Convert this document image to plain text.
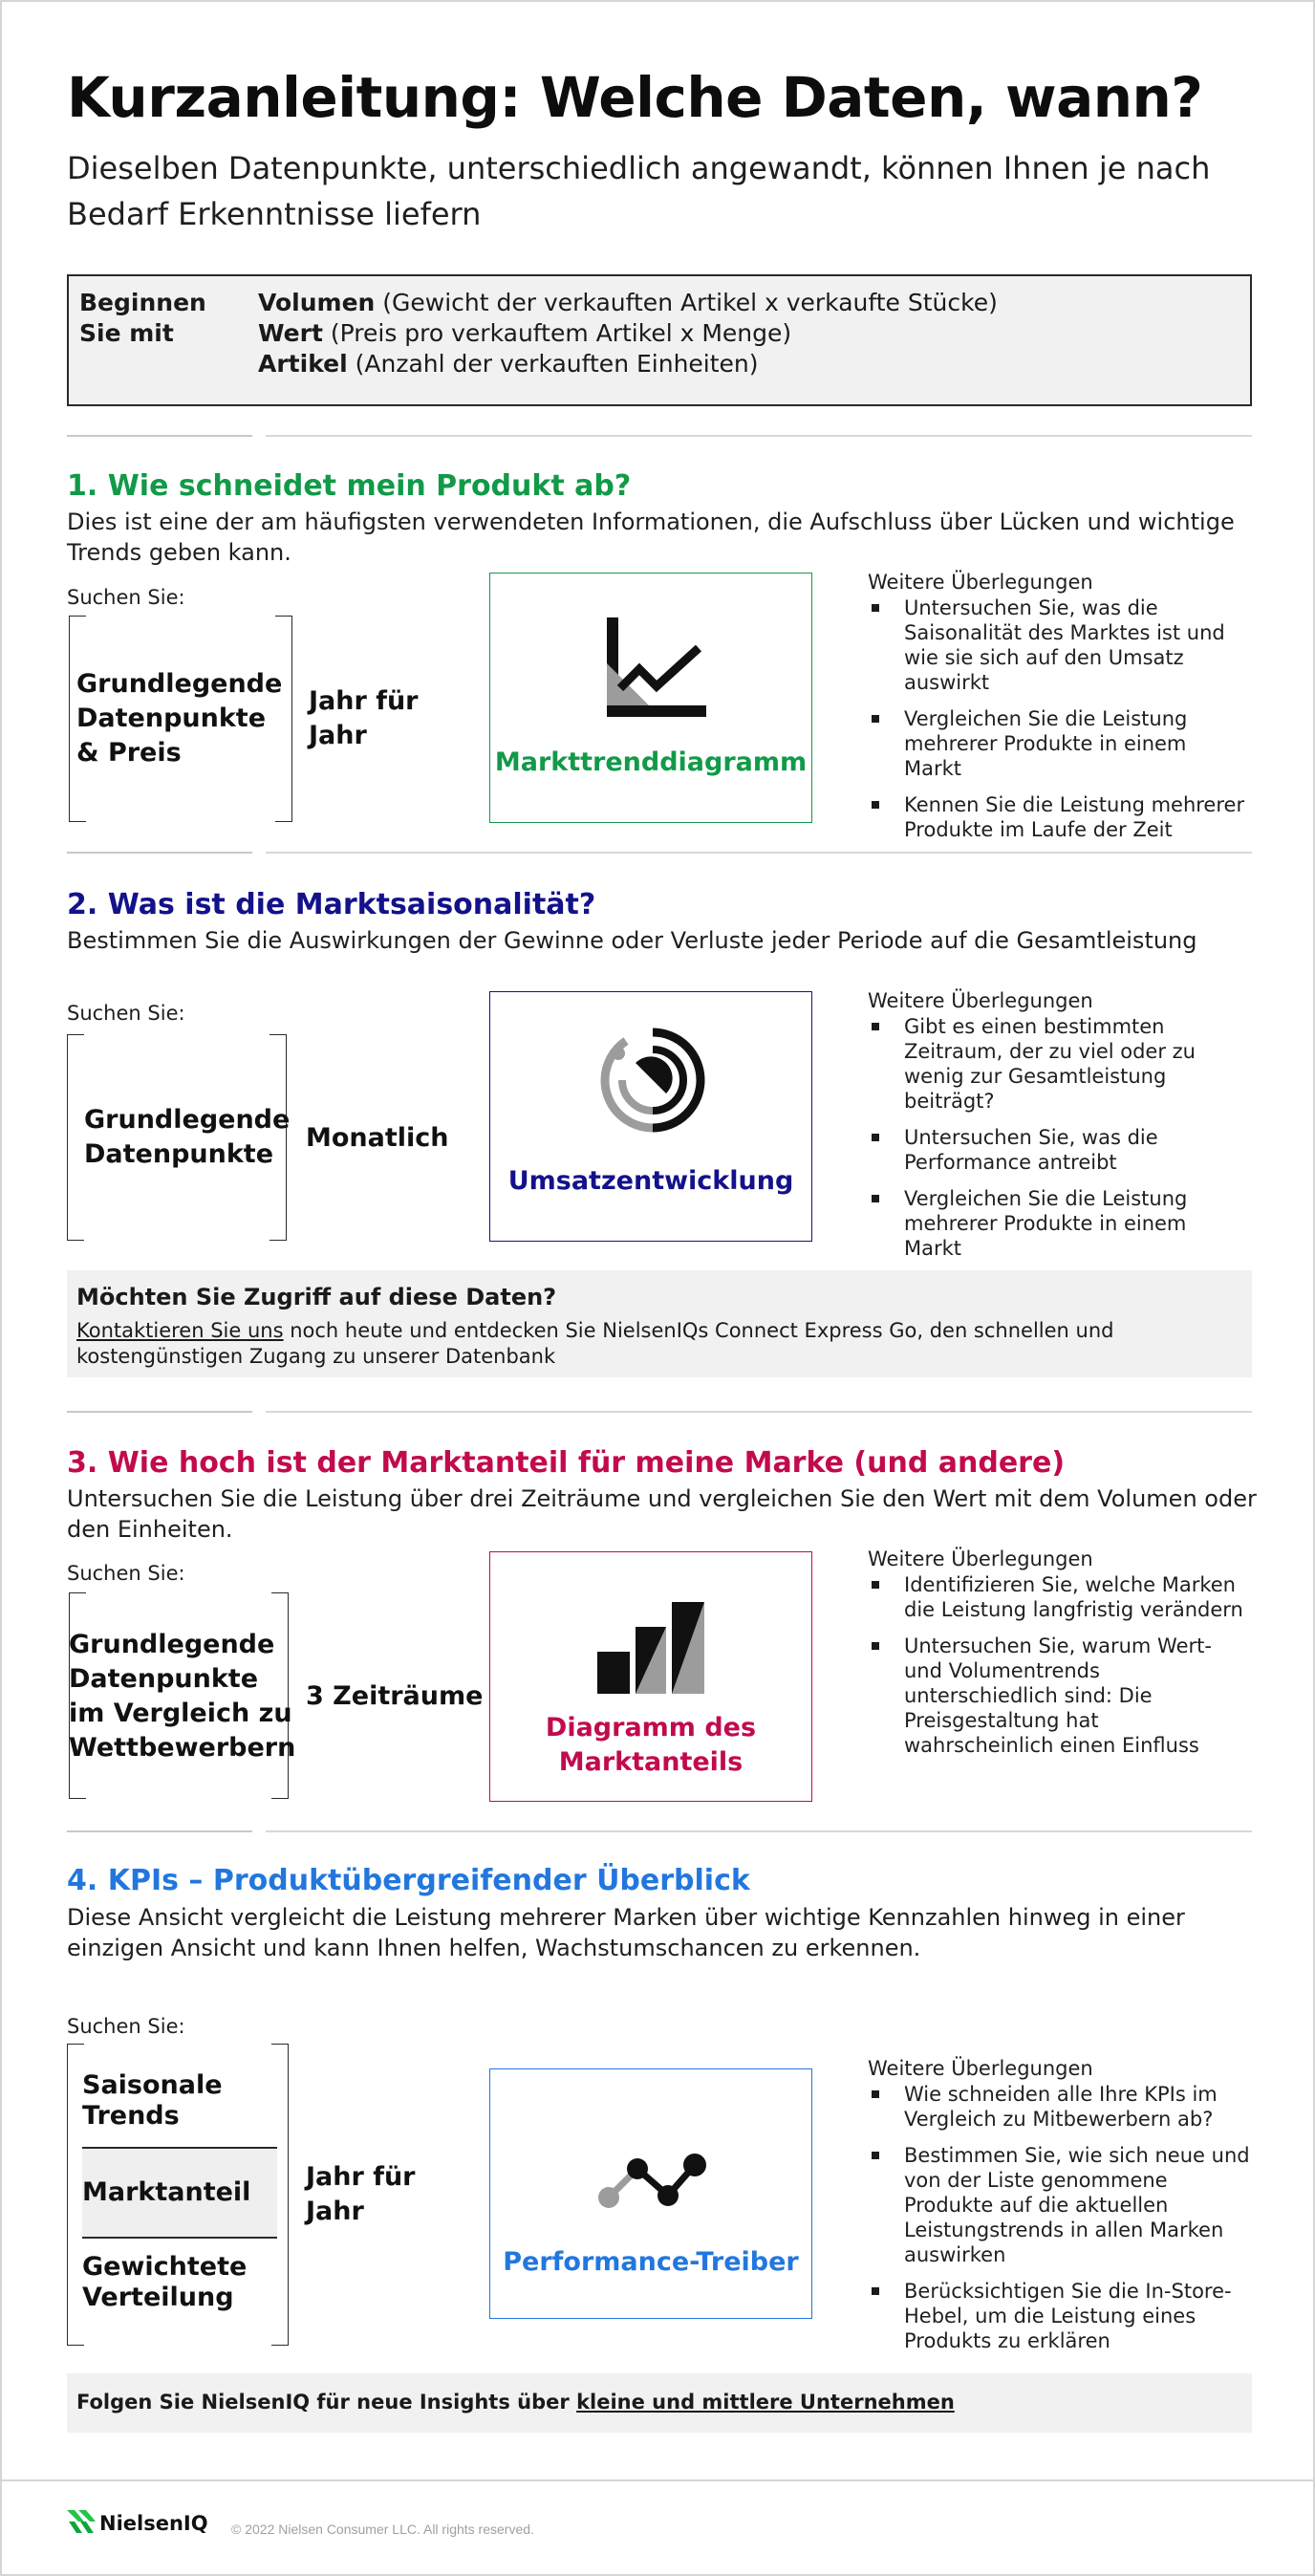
Kurzanleitung: Welche Daten, wann?
Dieselben Datenpunkte, unterschiedlich angewandt, können Ihnen je nach Bedarf Erkenntnisse liefern
Beginnen Sie mit
Volumen (Gewicht der verkauften Artikel x verkaufte Stücke)
Wert (Preis pro verkauftem Artikel x Menge)
Artikel (Anzahl der verkauften Einheiten)
1. Wie schneidet mein Produkt ab?
Dies ist eine der am häufigsten verwendeten Informationen, die Aufschluss über Lücken und wichtige Trends geben kann.
Suchen Sie:
Grundlegende Datenpunkte & Preis
Jahr für Jahr
Markttrenddiagramm
Weitere Überlegungen
Untersuchen Sie, was die Saisonalität des Marktes ist und wie sie sich auf den Umsatz auswirkt
Vergleichen Sie die Leistung mehrerer Produkte in einem Markt
Kennen Sie die Leistung mehrerer Produkte im Laufe der Zeit
2. Was ist die Marktsaisonalität?
Bestimmen Sie die Auswirkungen der Gewinne oder Verluste jeder Periode auf die Gesamtleistung
Suchen Sie:
Grundlegende Datenpunkte
Monatlich
Umsatzentwicklung
Weitere Überlegungen
Gibt es einen bestimmten Zeitraum, der zu viel oder zu wenig zur Gesamtleistung beiträgt?
Untersuchen Sie, was die Performance antreibt
Vergleichen Sie die Leistung mehrerer Produkte in einem Markt
Möchten Sie Zugriff auf diese Daten?
Kontaktieren Sie uns noch heute und entdecken Sie NielsenIQs Connect Express Go, den schnellen und kostengünstigen Zugang zu unserer Datenbank
3. Wie hoch ist der Marktanteil für meine Marke (und andere)
Untersuchen Sie die Leistung über drei Zeiträume und vergleichen Sie den Wert mit dem Volumen oder den Einheiten.
Suchen Sie:
Grundlegende Datenpunkte im Vergleich zu Wettbewerbern
3 Zeiträume
Diagramm des Marktanteils
Weitere Überlegungen
Identifizieren Sie, welche Marken die Leistung langfristig verändern
Untersuchen Sie, warum Wert- und Volumentrends unterschiedlich sind: Die Preisgestaltung hat wahrscheinlich einen Einfluss
4. KPIs – Produktübergreifender Überblick
Diese Ansicht vergleicht die Leistung mehrerer Marken über wichtige Kennzahlen hinweg in einer einzigen Ansicht und kann Ihnen helfen, Wachstumschancen zu erkennen.
Suchen Sie:
Saisonale Trends
Marktanteil
Gewichtete Verteilung
Jahr für Jahr
Performance-Treiber
Weitere Überlegungen
Wie schneiden alle Ihre KPIs im Vergleich zu Mitbewerbern ab?
Bestimmen Sie, wie sich neue und von der Liste genommene Produkte auf die aktuellen Leistungstrends in allen Marken auswirken
Berücksichtigen Sie die In-Store-Hebel, um die Leistung eines Produkts zu erklären
Folgen Sie NielsenIQ für neue Insights über kleine und mittlere Unternehmen
NielsenIQ © 2022 Nielsen Consumer LLC. All rights reserved.
